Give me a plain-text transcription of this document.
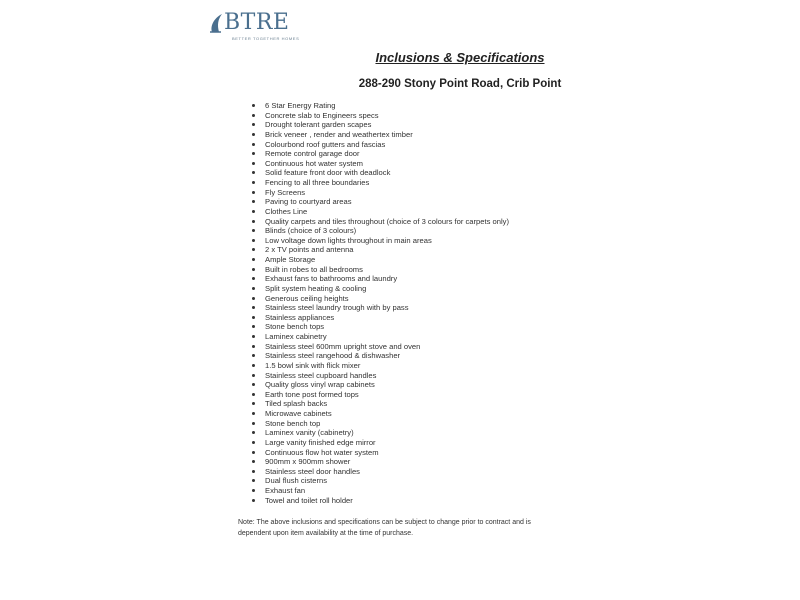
BTRE
BETTER TOGETHER HOMES
Inclusions & Specifications
288-290 Stony Point Road, Crib Point
6 Star Energy Rating
Concrete slab to Engineers specs
Drought tolerant garden scapes
Brick veneer , render and weathertex timber
Colourbond roof gutters and fascias
Remote control garage door
Continuous hot water system
Solid feature front door with deadlock
Fencing to all three boundaries
Fly Screens
Paving to courtyard areas
Clothes Line
Quality carpets and tiles throughout (choice of 3 colours for carpets only)
Blinds (choice of 3 colours)
Low voltage down lights throughout in main areas
2 x TV points and antenna
Ample Storage
Built in robes to all bedrooms
Exhaust fans to bathrooms and laundry
Split system heating & cooling
Generous ceiling heights
Stainless steel laundry trough with by pass
Stainless appliances
Stone bench tops
Laminex cabinetry
Stainless steel 600mm upright stove and oven
Stainless steel rangehood & dishwasher
1.5 bowl sink with flick mixer
Stainless steel cupboard handles
Quality gloss vinyl wrap cabinets
Earth tone post formed tops
Tiled splash backs
Microwave cabinets
Stone bench top
Laminex vanity (cabinetry)
Large vanity finished edge mirror
Continuous flow hot water system
900mm x 900mm shower
Stainless steel door handles
Dual flush cisterns
Exhaust fan
Towel and toilet roll holder
Note: The above inclusions and specifications can be subject to change prior to contract and is dependent upon item availability at the time of purchase.
